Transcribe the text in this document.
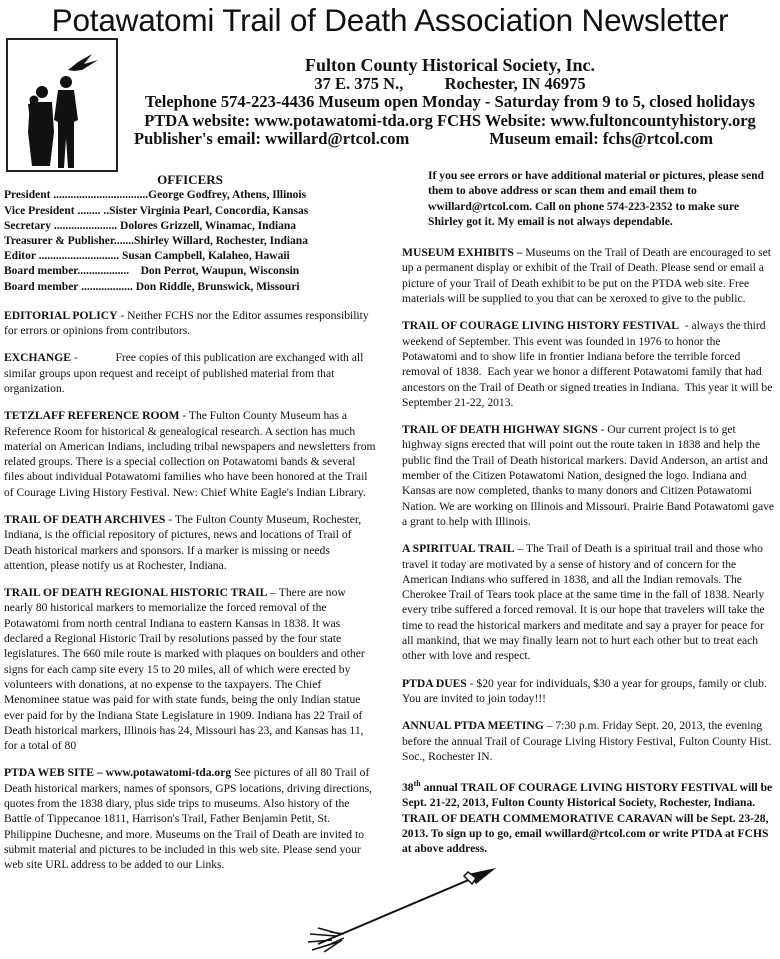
Potawatomi Trail of Death Association Newsletter
Fulton County Historical Society, Inc.
37 E. 375 N.,          Rochester, IN 46975
Telephone 574-223-4436 Museum open Monday - Saturday from 9 to 5, closed holidays
PTDA website: www.potawatomi-tda.org FCHS Website: www.fultoncountyhistory.org
Publisher's email: wwillard@rtcol.com	Museum email: fchs@rtcol.com
OFFICERS
President ................................. George Godfrey, Athens, Illinois
Vice President ........ .. Sister Virginia Pearl, Concordia, Kansas
Secretary ...................... Dolores Grizzell, Winamac, Indiana
Treasurer & Publisher....... Shirley Willard, Rochester, Indiana
Editor ............................ Susan Campbell, Kalaheo, Hawaii
Board member.................. Don Perrot, Waupun, Wisconsin
Board member .................. Don Riddle, Brunswick, Missouri

EDITORIAL POLICY - Neither FCHS nor the Editor assumes responsibility for errors or opinions from contributors.

EXCHANGE -             Free copies of this publication are exchanged with all similar groups upon request and receipt of published material from that organization.

TETZLAFF REFERENCE ROOM - The Fulton County Museum has a Reference Room for historical & genealogical research. A section has much material on American Indians, including tribal newspapers and newsletters from related groups. There is a special collection on Potawatomi bands & several files about individual Potawatomi families who have been honored at the Trail of Courage Living History Festival. New: Chief White Eagle's Indian Library.

TRAIL OF DEATH ARCHIVES - The Fulton County Museum, Rochester, Indiana, is the official repository of pictures, news and locations of Trail of Death historical markers and sponsors. If a marker is missing or needs attention, please notify us at Rochester, Indiana.

TRAIL OF DEATH REGIONAL HISTORIC TRAIL – There are now nearly 80 historical markers to memorialize the forced removal of the Potawatomi from north central Indiana to eastern Kansas in 1838. It was declared a Regional Historic Trail by resolutions passed by the four state legislatures. The 660 mile route is marked with plaques on boulders and other signs for each camp site every 15 to 20 miles, all of which were erected by volunteers with donations, at no expense to the taxpayers. The Chief Menominee statue was paid for with state funds, being the only Indian statue ever paid for by the Indiana State Legislature in 1909. Indiana has 22 Trail of Death historical markers, Illinois has 24, Missouri has 23, and Kansas has 11, for a total of 80

PTDA WEB SITE – www.potawatomi-tda.org See pictures of all 80 Trail of Death historical markers, names of sponsors, GPS locations, driving directions, quotes from the 1838 diary, plus side trips to museums. Also history of the Battle of Tippecanoe 1811, Harrison's Trail, Father Benjamin Petit, St. Philippine Duchesne, and more. Museums on the Trail of Death are invited to submit material and pictures to be included in this web site. Please send your web site URL address to be added to our Links.

If you see errors or have additional material or pictures, please send them to above address or scan them and email them to wwillard@rtcol.com. Call on phone 574-223-2352 to make sure Shirley got it. My email is not always dependable.

MUSEUM EXHIBITS – Museums on the Trail of Death are encouraged to set up a permanent display or exhibit of the Trail of Death. Please send or email a picture of your Trail of Death exhibit to be put on the PTDA web site. Free materials will be supplied to you that can be xeroxed to give to the public.

TRAIL OF COURAGE LIVING HISTORY FESTIVAL  - always the third weekend of September. This event was founded in 1976 to honor the Potawatomi and to show life in frontier Indiana before the terrible forced removal of 1838.  Each year we honor a different Potawatomi family that had ancestors on the Trail of Death or signed treaties in Indiana.  This year it will be September 21-22, 2013.

TRAIL OF DEATH HIGHWAY SIGNS - Our current project is to get highway signs erected that will point out the route taken in 1838 and help the public find the Trail of Death historical markers. David Anderson, an artist and member of the Citizen Potawatomi Nation, designed the logo. Indiana and Kansas are now completed, thanks to many donors and Citizen Potawatomi Nation. We are working on Illinois and Missouri. Prairie Band Potawatomi gave a grant to help with Illinois.

A SPIRITUAL TRAIL – The Trail of Death is a spiritual trail and those who travel it today are motivated by a sense of history and of concern for the American Indians who suffered in 1838, and all the Indian removals. The Cherokee Trail of Tears took place at the same time in the fall of 1838. Nearly every tribe suffered a forced removal. It is our hope that travelers will take the time to read the historical markers and meditate and say a prayer for peace for all mankind, that we may finally learn not to hurt each other but to treat each other with love and respect.

PTDA DUES - $20 year for individuals, $30 a year for groups, family or club. You are invited to join today!!!

ANNUAL PTDA MEETING – 7:30 p.m. Friday Sept. 20, 2013, the evening before the annual Trail of Courage Living History Festival, Fulton County Hist. Soc., Rochester IN.

38th annual TRAIL OF COURAGE LIVING HISTORY FESTIVAL will be Sept. 21-22, 2013, Fulton County Historical Society, Rochester, Indiana.

TRAIL OF DEATH COMMEMORATIVE CARAVAN will be Sept. 23-28, 2013. To sign up to go, email wwillard@rtcol.com or write PTDA at FCHS at above address.
